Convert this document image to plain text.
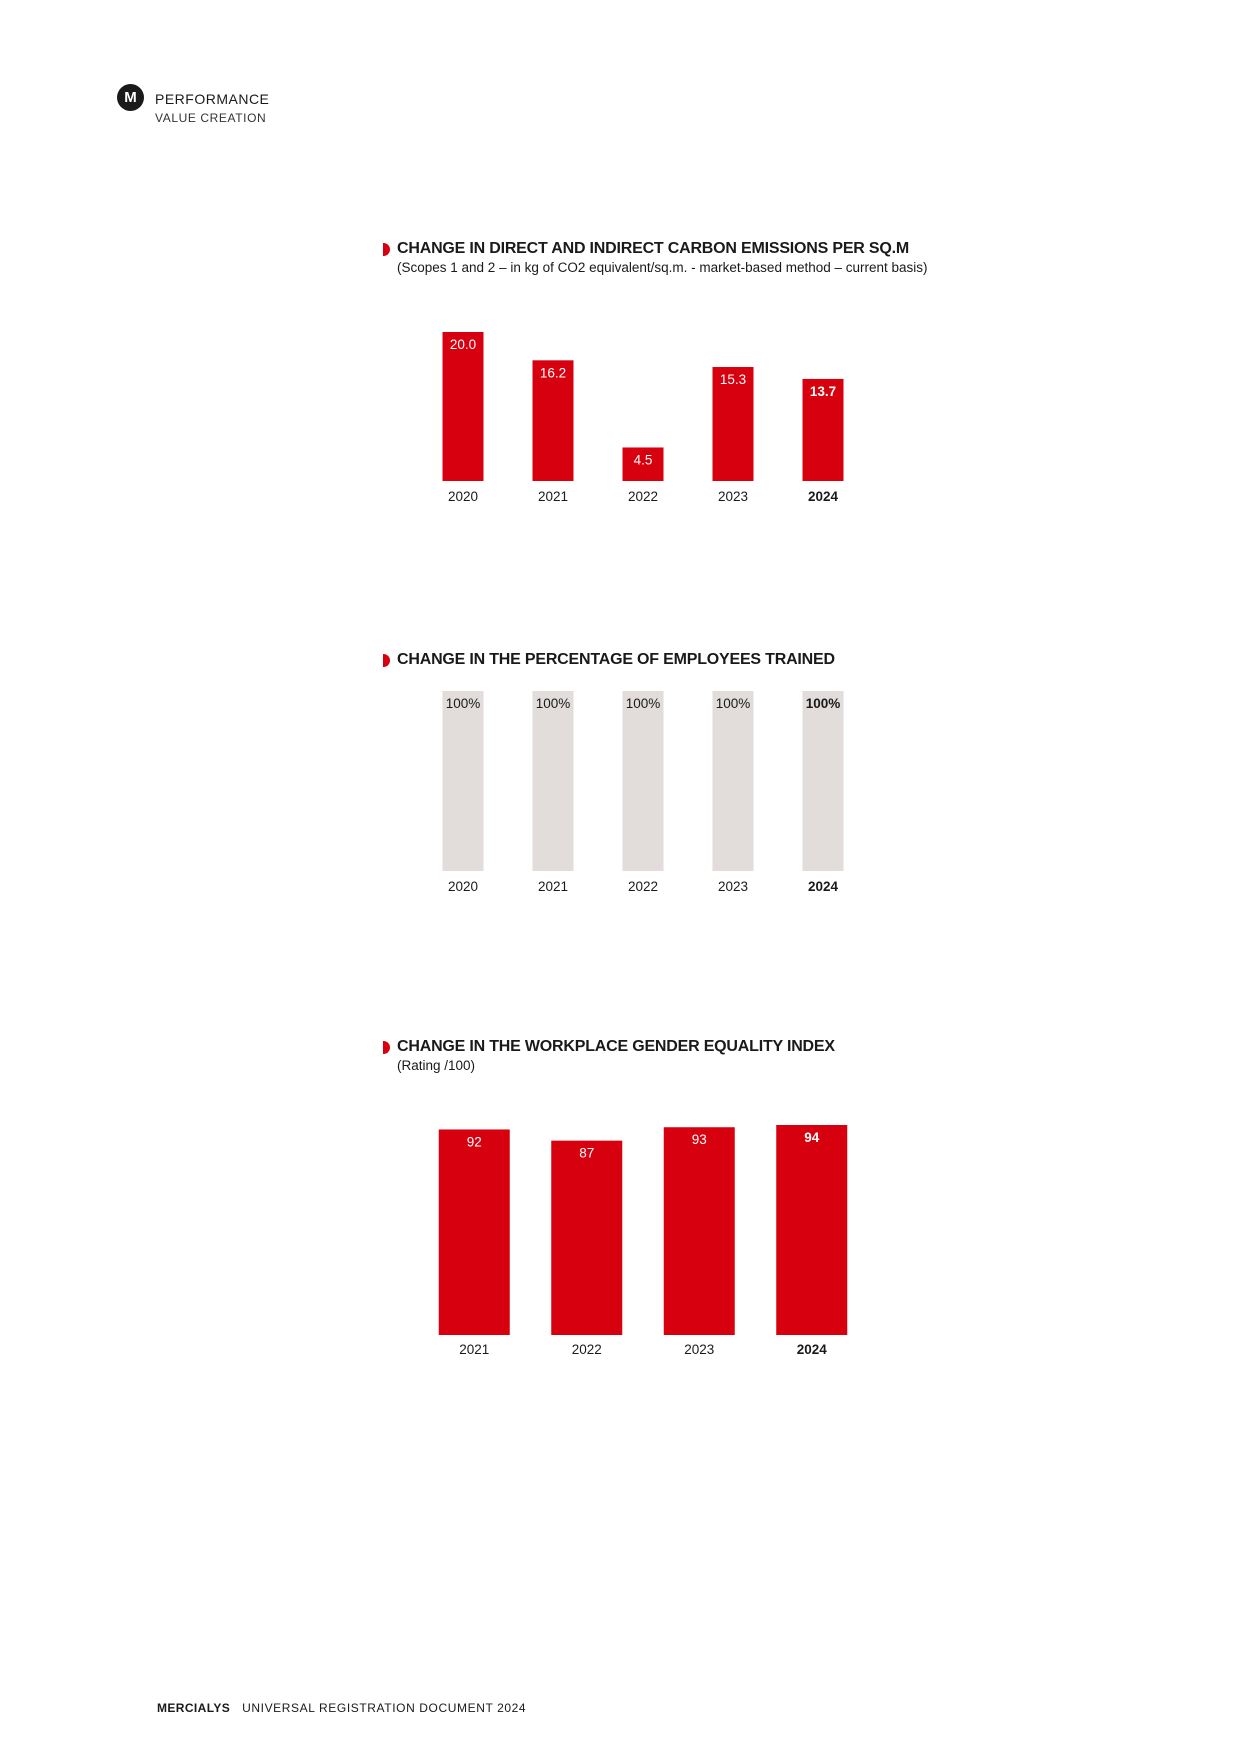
M	PERFORMANCE
VALUE CREATION
CHANGE IN DIRECT AND INDIRECT CARBON EMISSIONS PER SQ.M
(Scopes 1 and 2 – in kg of CO2 equivalent/sq.m. - market-based method – current basis)
20.0
2020
16.2
2021
4.5
2022
15.3
2023
13.7
2024
CHANGE IN THE PERCENTAGE OF EMPLOYEES TRAINED
100%
2020
100%
2021
100%
2022
100%
2023
100%
2024
CHANGE IN THE WORKPLACE GENDER EQUALITY INDEX
(Rating /100)
92
2021
87
2022
93
2023
94
2024
MERCIALYS UNIVERSAL REGISTRATION DOCUMENT 2024
